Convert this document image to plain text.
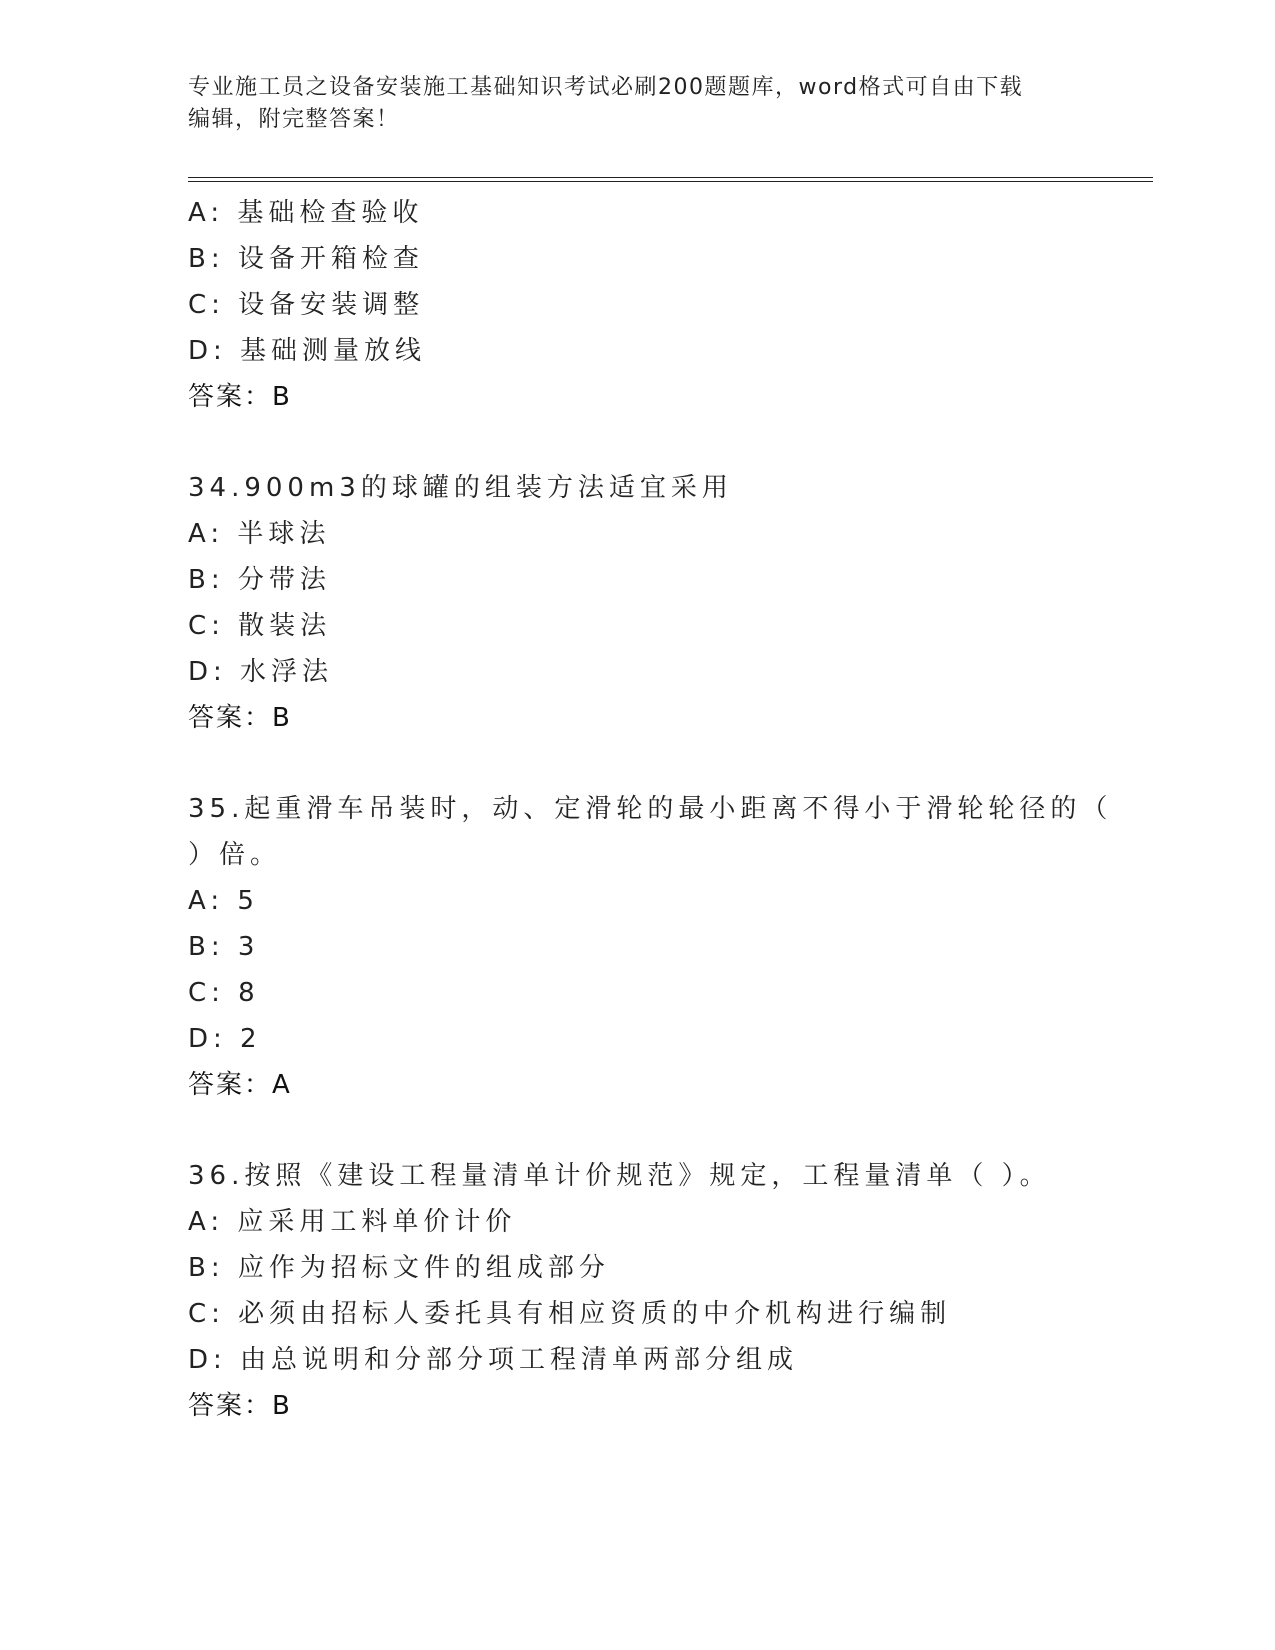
专业施工员之设备安装施工基础知识考试必刷200题题库，word格式可自由下载
编辑，附完整答案！
A: 基础检查验收
B: 设备开箱检查
C: 设备安装调整
D: 基础测量放线
答案：B
34.900m3的球罐的组装方法适宜采用
A: 半球法
B: 分带法
C: 散装法
D: 水浮法
答案：B
35.起重滑车吊装时，动、定滑轮的最小距离不得小于滑轮轮径的（
）倍。
A: 5
B: 3
C: 8
D: 2
答案：A
36.按照《建设工程量清单计价规范》规定，工程量清单（ ）。
A: 应采用工料单价计价
B: 应作为招标文件的组成部分
C: 必须由招标人委托具有相应资质的中介机构进行编制
D: 由总说明和分部分项工程清单两部分组成
答案：B
